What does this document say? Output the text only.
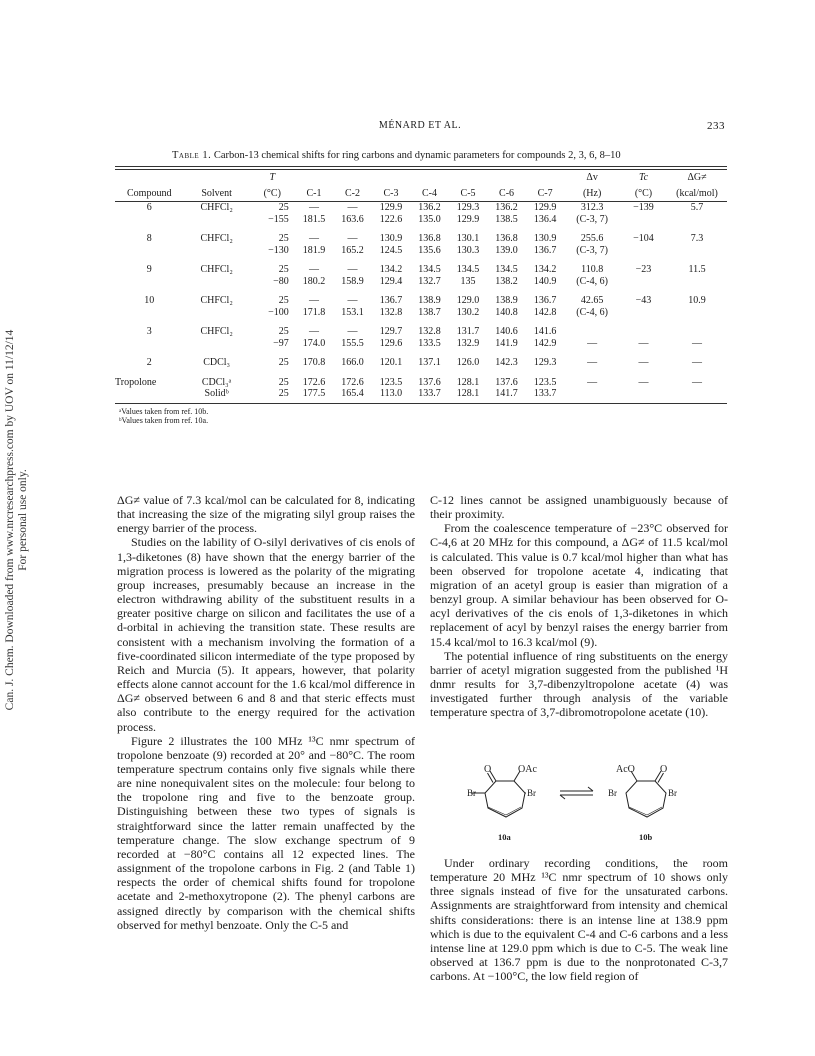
Can. J. Chem. Downloaded from www.nrcresearchpress.com by UOV on 11/12/14 For personal use only.
MÉNARD ET AL.	233
Table 1. Carbon-13 chemical shifts for ring carbons and dynamic parameters for compounds 2, 3, 6, 8–10
		T								Δv	Tc	ΔG≠
Compound	Solvent	(°C)	C-1	C-2	C-3	C-4	C-5	C-6	C-7	(Hz)	(°C)	(kcal/mol)
6	CHFCl₂	25	—	—	129.9	136.2	129.3	136.2	129.9	312.3	−139	5.7
		−155	181.5	163.6	122.6	135.0	129.9	138.5	136.4	(C-3, 7)		
8	CHFCl₂	25	—	—	130.9	136.8	130.1	136.8	130.9	255.6	−104	7.3
		−130	181.9	165.2	124.5	135.6	130.3	139.0	136.7	(C-3, 7)		
9	CHFCl₂	25	—	—	134.2	134.5	134.5	134.5	134.2	110.8	−23	11.5
		−80	180.2	158.9	129.4	132.7	135	138.2	140.9	(C-4, 6)		
10	CHFCl₂	25	—	—	136.7	138.9	129.0	138.9	136.7	42.65	−43	10.9
		−100	171.8	153.1	132.8	138.7	130.2	140.8	142.8	(C-4, 6)		
3	CHFCl₂	25	—	—	129.7	132.8	131.7	140.6	141.6			
		−97	174.0	155.5	129.6	133.5	132.9	141.9	142.9	—	—	—
2	CDCl₃	25	170.8	166.0	120.1	137.1	126.0	142.3	129.3	—	—	—
Tropolone	CDCl₃ᵃ	25	172.6	172.6	123.5	137.6	128.1	137.6	123.5	—	—	—
	Solidᵇ	25	177.5	165.4	113.0	133.7	128.1	141.7	133.7			
ᵃValues taken from ref. 10b.
ᵇValues taken from ref. 10a.

ΔG≠ value of 7.3 kcal/mol can be calculated for 8, indicating that increasing the size of the migrating silyl group raises the energy barrier of the process.

Studies on the lability of O-silyl derivatives of cis enols of 1,3-diketones (8) have shown that the energy barrier of the migration process is lowered as the polarity of the migrating group increases, presumably because an increase in the electron withdrawing ability of the substituent results in a greater positive charge on silicon and facilitates the use of a d-orbital in achieving the transition state. These results are consistent with a mechanism involving the formation of a five-coordinated silicon intermediate of the type proposed by Reich and Murcia (5). It appears, however, that polarity effects alone cannot account for the 1.6 kcal/mol difference in ΔG≠ observed between 6 and 8 and that steric effects must also contribute to the energy required for the activation process.

Figure 2 illustrates the 100 MHz ¹³C nmr spectrum of tropolone benzoate (9) recorded at 20° and −80°C. The room temperature spectrum contains only five signals while there are nine nonequivalent sites on the molecule: four belong to the tropolone ring and five to the benzoate group. Distinguishing between these two types of signals is straightforward since the latter remain unaffected by the temperature change. The slow exchange spectrum of 9 recorded at −80°C contains all 12 expected lines. The assignment of the tropolone carbons in Fig. 2 (and Table 1) respects the order of chemical shifts found for tropolone acetate and 2-methoxytropone (2). The phenyl carbons are assigned directly by comparison with the chemical shifts observed for methyl benzoate. Only the C-5 and

C-12 lines cannot be assigned unambiguously because of their proximity.

From the coalescence temperature of −23°C observed for C-4,6 at 20 MHz for this compound, a ΔG≠ of 11.5 kcal/mol is calculated. This value is 0.7 kcal/mol higher than what has been observed for tropolone acetate 4, indicating that migration of an acetyl group is easier than migration of a benzyl group. A similar behaviour has been observed for O-acyl derivatives of the cis enols of 1,3-diketones in which replacement of acyl by benzyl raises the energy barrier from 15.4 kcal/mol to 16.3 kcal/mol (9).

The potential influence of ring substituents on the energy barrier of acetyl migration suggested from the published ¹H dnmr results for 3,7-dibenzyltropolone acetate (4) was investigated further through analysis of the variable temperature spectra of 3,7-dibromotropolone acetate (10).

O	OAc
Br	Br
10a
AcO	O
Br	Br
10b

Under ordinary recording conditions, the room temperature 20 MHz ¹³C nmr spectrum of 10 shows only three signals instead of five for the unsaturated carbons. Assignments are straightforward from intensity and chemical shifts considerations: there is an intense line at 138.9 ppm which is due to the equivalent C-4 and C-6 carbons and a less intense line at 129.0 ppm which is due to C-5. The weak line observed at 136.7 ppm is due to the nonprotonated C-3,7 carbons. At −100°C, the low field region of
